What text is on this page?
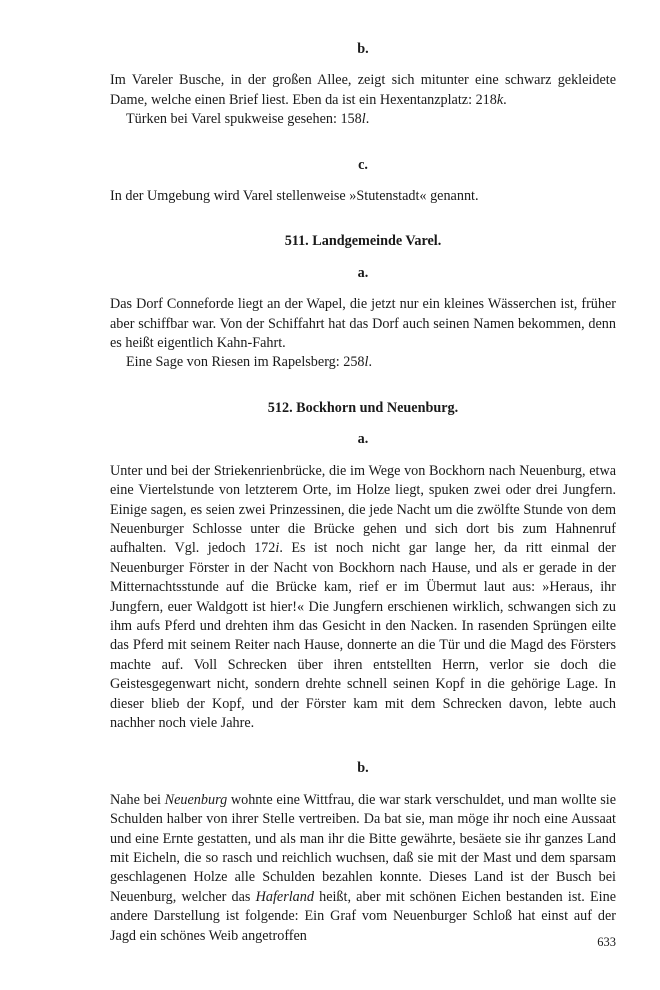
b.

Im Vareler Busche, in der großen Allee, zeigt sich mitunter eine schwarz gekleidete Dame, welche einen Brief liest. Eben da ist ein Hexentanzplatz: 218k.

Türken bei Varel spukweise gesehen: 158l.

c.

In der Umgebung wird Varel stellenweise »Stutenstadt« genannt.

511. Landgemeinde Varel.
a.

Das Dorf Conneforde liegt an der Wapel, die jetzt nur ein kleines Wässerchen ist, früher aber schiffbar war. Von der Schiffahrt hat das Dorf auch seinen Namen bekommen, denn es heißt eigentlich Kahn-Fahrt.

Eine Sage von Riesen im Rapelsberg: 258l.

512. Bockhorn und Neuenburg.
a.

Unter und bei der Striekenrienbrücke, die im Wege von Bockhorn nach Neuenburg, etwa eine Viertelstunde von letzterem Orte, im Holze liegt, spuken zwei oder drei Jungfern. Einige sagen, es seien zwei Prinzessinen, die jede Nacht um die zwölfte Stunde von dem Neuenburger Schlosse unter die Brücke gehen und sich dort bis zum Hahnenruf aufhalten. Vgl. jedoch 172i. Es ist noch nicht gar lange her, da ritt einmal der Neuenburger Förster in der Nacht von Bockhorn nach Hause, und als er gerade in der Mitternachtsstunde auf die Brücke kam, rief er im Übermut laut aus: »Heraus, ihr Jungfern, euer Waldgott ist hier!« Die Jungfern erschienen wirklich, schwangen sich zu ihm aufs Pferd und drehten ihm das Gesicht in den Nacken. In rasenden Sprüngen eilte das Pferd mit seinem Reiter nach Hause, donnerte an die Tür und die Magd des Försters machte auf. Voll Schrecken über ihren entstellten Herrn, verlor sie doch die Geistesgegenwart nicht, sondern drehte schnell seinen Kopf in die gehörige Lage. In dieser blieb der Kopf, und der Förster kam mit dem Schrecken davon, lebte auch nachher noch viele Jahre.

b.

Nahe bei Neuenburg wohnte eine Wittfrau, die war stark verschuldet, und man wollte sie Schulden halber von ihrer Stelle vertreiben. Da bat sie, man möge ihr noch eine Aussaat und eine Ernte gestatten, und als man ihr die Bitte gewährte, besäete sie ihr ganzes Land mit Eicheln, die so rasch und reichlich wuchsen, daß sie mit der Mast und dem sparsam geschlagenen Holze alle Schulden bezahlen konnte. Dieses Land ist der Busch bei Neuenburg, welcher das Haferland heißt, aber mit schönen Eichen bestanden ist. Eine andere Darstellung ist folgende: Ein Graf vom Neuenburger Schloß hat einst auf der Jagd ein schönes Weib angetroffen	633
